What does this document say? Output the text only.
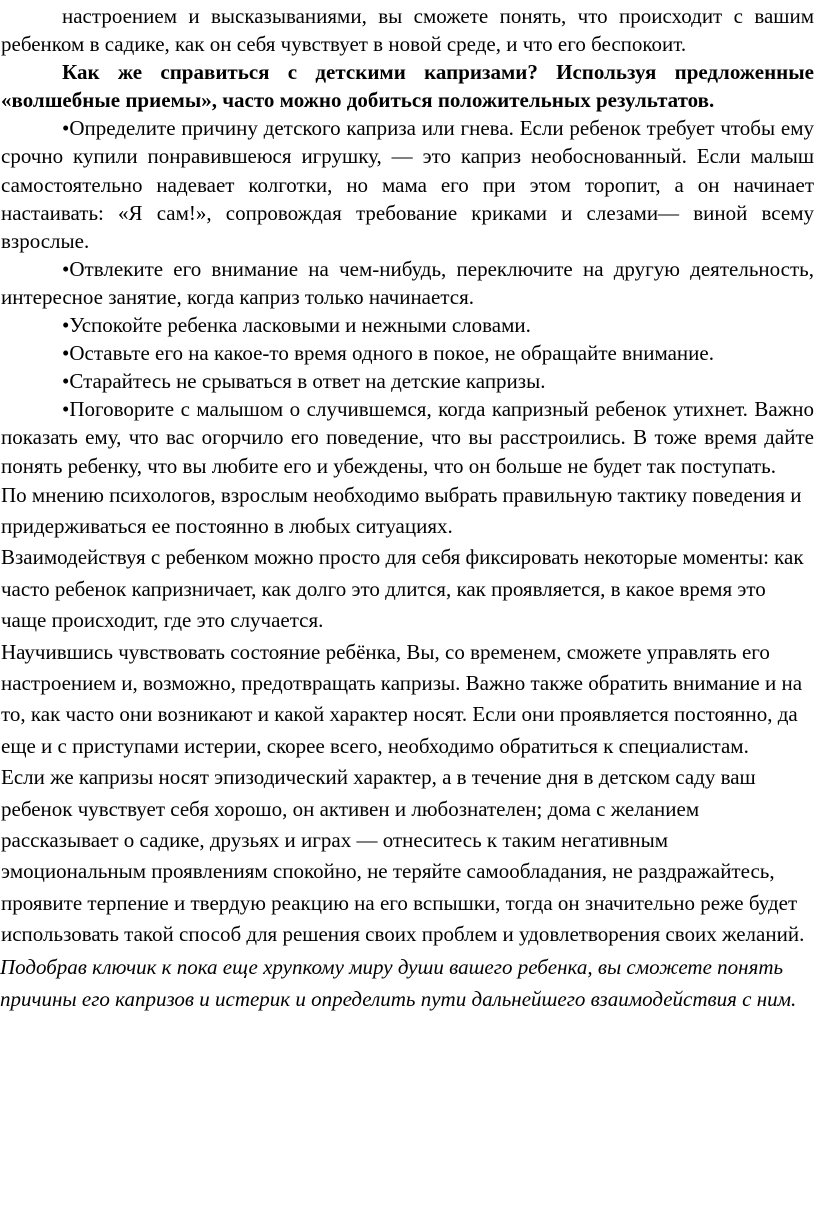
настроением и высказываниями, вы сможете понять, что происходит с вашим ребенком в садике, как он себя чувствует в новой среде, и что его беспокоит.

Как же справиться с детскими капризами? Используя предложенные «волшебные приемы», часто можно добиться положительных результатов.

•Определите причину детского каприза или гнева. Если ребенок требует чтобы ему срочно купили понравившеюся игрушку, — это каприз необоснованный. Если малыш самостоятельно надевает колготки, но мама его при этом торопит, а он начинает настаивать: «Я сам!», сопровождая требование криками и слезами— виной всему взрослые.

•Отвлеките его внимание на чем-нибудь, переключите на другую деятельность, интересное занятие, когда каприз только начинается.

•Успокойте ребенка ласковыми и нежными словами.

•Оставьте его на какое-то время одного в покое, не обращайте внимание.

•Старайтесь не срываться в ответ на детские капризы.

•Поговорите с малышом о случившемся, когда капризный ребенок утихнет. Важно показать ему, что вас огорчило его поведение, что вы расстроились. В тоже время дайте понять ребенку, что вы любите его и убеждены, что он больше не будет так поступать.

По мнению психологов, взрослым необходимо выбрать правильную тактику поведения и придерживаться ее постоянно в любых ситуациях.

Взаимодействуя с ребенком можно просто для себя фиксировать некоторые моменты: как часто ребенок капризничает, как долго это длится, как проявляется, в какое время это чаще происходит, где это случается.

Научившись чувствовать состояние ребёнка, Вы, со временем, сможете управлять его настроением и, возможно, предотвращать капризы. Важно также обратить внимание и на то, как часто они возникают и какой характер носят. Если они проявляется постоянно, да еще и с приступами истерии, скорее всего, необходимо обратиться к специалистам.

Если же капризы носят эпизодический характер, а в течение дня в детском саду ваш ребенок чувствует себя хорошо, он активен и любознателен; дома с желанием рассказывает о садике, друзьях и играх — отнеситесь к таким негативным эмоциональным проявлениям спокойно, не теряйте самообладания, не раздражайтесь, проявите терпение и твердую реакцию на его вспышки, тогда он значительно реже будет использовать такой способ для решения своих проблем и удовлетворения своих желаний.

Подобрав ключик к пока еще хрупкому миру души вашего ребенка, вы сможете понять причины его капризов и истерик и определить пути дальнейшего взаимодействия с ним.
